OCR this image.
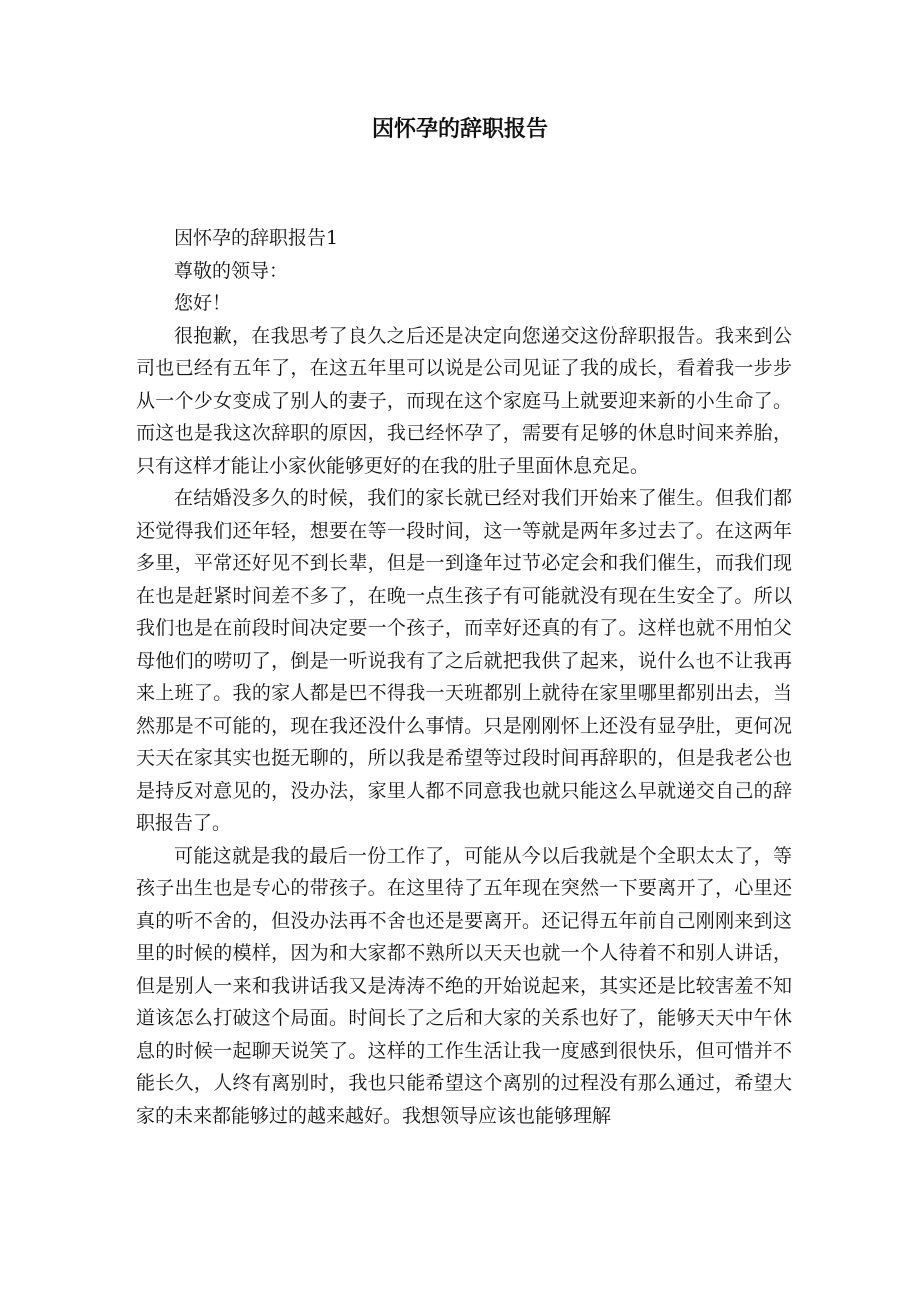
因怀孕的辞职报告

因怀孕的辞职报告1

尊敬的领导：

您好！

很抱歉，在我思考了良久之后还是决定向您递交这份辞职报告。我来到公司也已经有五年了，在这五年里可以说是公司见证了我的成长，看着我一步步从一个少女变成了别人的妻子，而现在这个家庭马上就要迎来新的小生命了。而这也是我这次辞职的原因，我已经怀孕了，需要有足够的休息时间来养胎，只有这样才能让小家伙能够更好的在我的肚子里面休息充足。

在结婚没多久的时候，我们的家长就已经对我们开始来了催生。但我们都还觉得我们还年轻，想要在等一段时间，这一等就是两年多过去了。在这两年多里，平常还好见不到长辈，但是一到逢年过节必定会和我们催生，而我们现在也是赶紧时间差不多了，在晚一点生孩子有可能就没有现在生安全了。所以我们也是在前段时间决定要一个孩子，而幸好还真的有了。这样也就不用怕父母他们的唠叨了，倒是一听说我有了之后就把我供了起来，说什么也不让我再来上班了。我的家人都是巴不得我一天班都别上就待在家里哪里都别出去，当然那是不可能的，现在我还没什么事情。只是刚刚怀上还没有显孕肚，更何况天天在家其实也挺无聊的，所以我是希望等过段时间再辞职的，但是我老公也是持反对意见的，没办法，家里人都不同意我也就只能这么早就递交自己的辞职报告了。

可能这就是我的最后一份工作了，可能从今以后我就是个全职太太了，等孩子出生也是专心的带孩子。在这里待了五年现在突然一下要离开了，心里还真的听不舍的，但没办法再不舍也还是要离开。还记得五年前自己刚刚来到这里的时候的模样，因为和大家都不熟所以天天也就一个人待着不和别人讲话，但是别人一来和我讲话我又是涛涛不绝的开始说起来，其实还是比较害羞不知道该怎么打破这个局面。时间长了之后和大家的关系也好了，能够天天中午休息的时候一起聊天说笑了。这样的工作生活让我一度感到很快乐，但可惜并不能长久，人终有离别时，我也只能希望这个离别的过程没有那么通过，希望大家的未来都能够过的越来越好。我想领导应该也能够理解
